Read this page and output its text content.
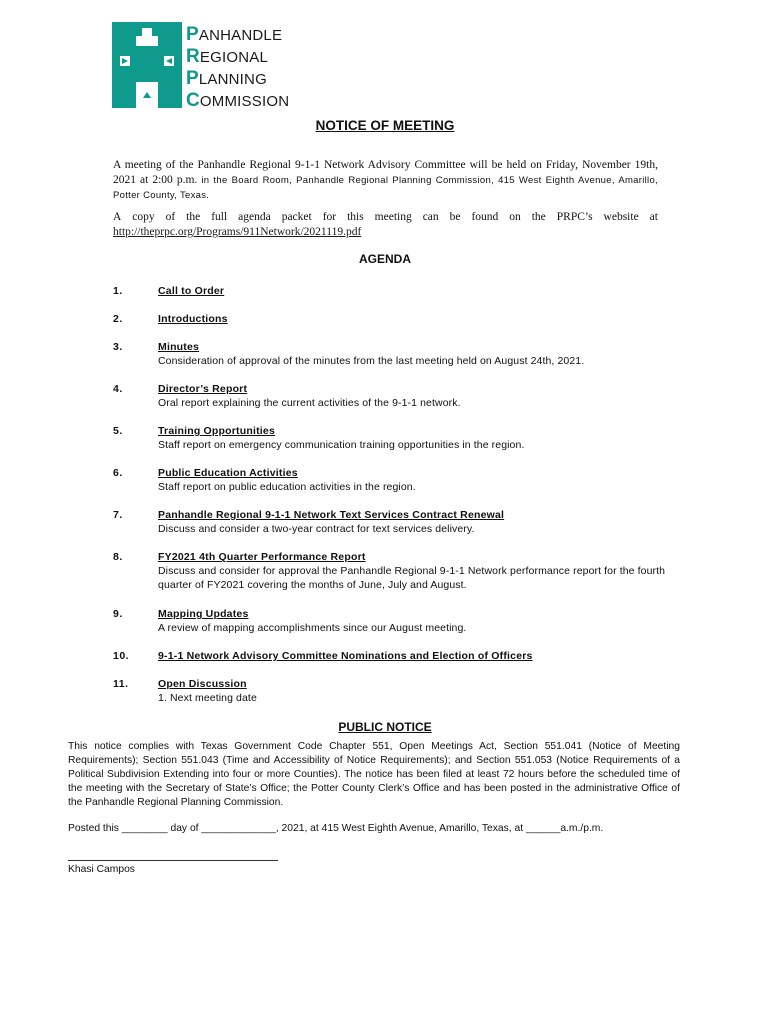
PANHANDLE
REGIONAL
PLANNING
COMMISSION
NOTICE OF MEETING
A meeting of the Panhandle Regional 9-1-1 Network Advisory Committee will be held on Friday, November 19th, 2021 at 2:00 p.m. in the Board Room, Panhandle Regional Planning Commission, 415 West Eighth Avenue, Amarillo, Potter County, Texas.
A copy of the full agenda packet for this meeting can be found on the PRPC’s website at
http://theprpc.org/Programs/911Network/2021119.pdf
AGENDA
1.	Call to Order
2.	Introductions
3.	Minutes
Consideration of approval of the minutes from the last meeting held on August 24th, 2021.
4.	Director’s Report
Oral report explaining the current activities of the 9-1-1 network.
5.	Training Opportunities
Staff report on emergency communication training opportunities in the region.
6.	Public Education Activities
Staff report on public education activities in the region.
7.	Panhandle Regional 9-1-1 Network Text Services Contract Renewal
Discuss and consider a two-year contract for text services delivery.
8.	FY2021 4th Quarter Performance Report
Discuss and consider for approval the Panhandle Regional 9-1-1 Network performance report for the fourth quarter of FY2021 covering the months of June, July and August.
9.	Mapping Updates
A review of mapping accomplishments since our August meeting.
10.	9-1-1 Network Advisory Committee Nominations and Election of Officers
11.	Open Discussion
1. Next meeting date
PUBLIC NOTICE
This notice complies with Texas Government Code Chapter 551, Open Meetings Act, Section 551.041 (Notice of Meeting Requirements); Section 551.043 (Time and Accessibility of Notice Requirements); and Section 551.053 (Notice Requirements of a Political Subdivision Extending into four or more Counties). The notice has been filed at least 72 hours before the scheduled time of the meeting with the Secretary of State’s Office; the Potter County Clerk’s Office and has been posted in the administrative Office of the Panhandle Regional Planning Commission.
Posted this ________ day of _____________, 2021, at 415 West Eighth Avenue, Amarillo, Texas, at ______a.m./p.m.
Khasi Campos
